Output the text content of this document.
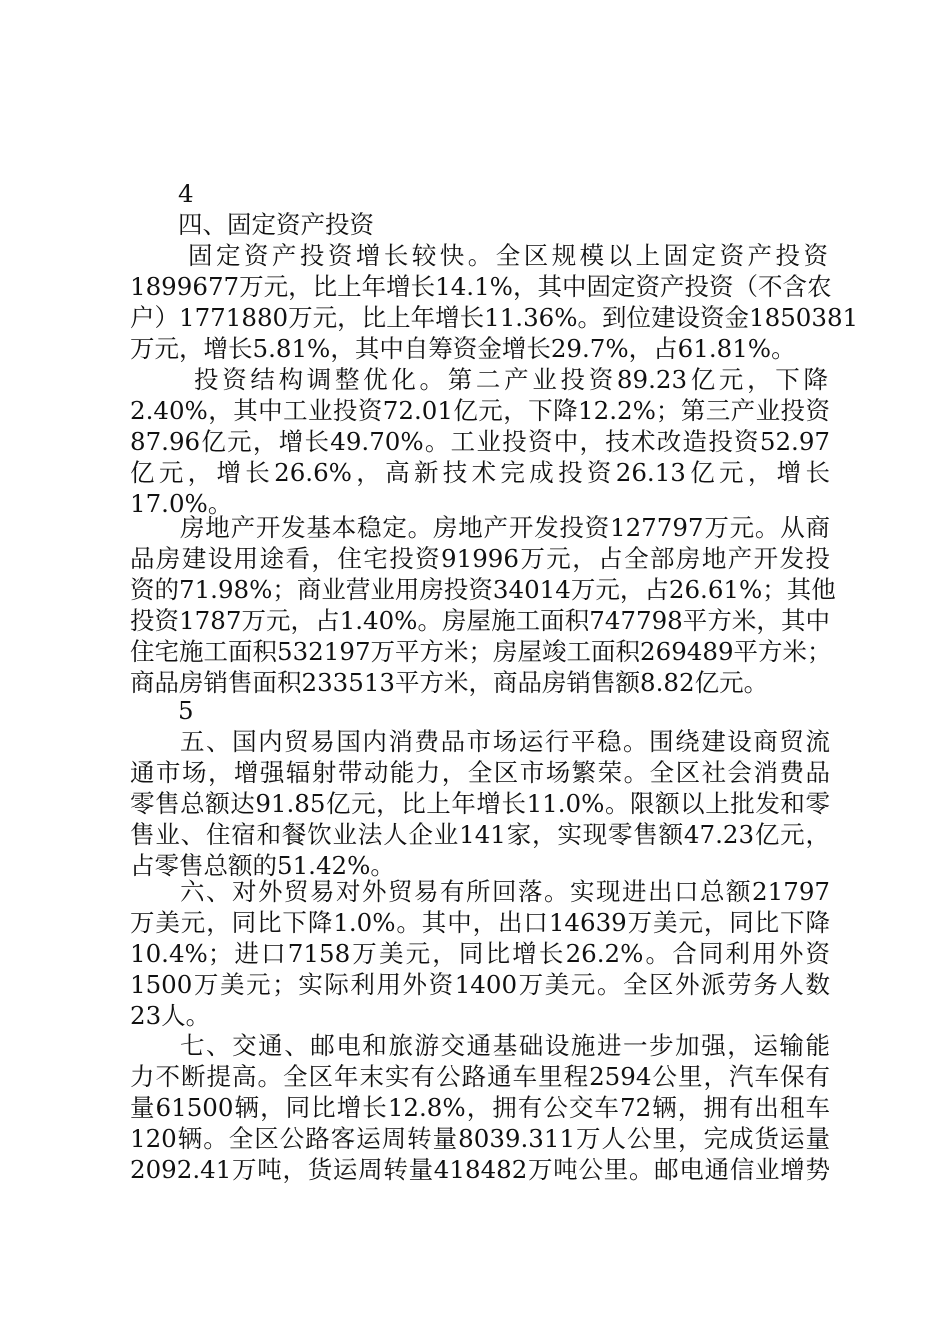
4
四、固定资产投资
固定资产投资增长较快。全区规模以上固定资产投资
1899677万元，比上年增长14.1%，其中固定资产投资（不含农
户）1771880万元，比上年增长11.36%。到位建设资金1850381
万元，增长5.81%，其中自筹资金增长29.7%，占61.81%。
投资结构调整优化。第二产业投资89.23亿元，下降
2.40%，其中工业投资72.01亿元，下降12.2%；第三产业投资
87.96亿元，增长49.70%。工业投资中，技术改造投资52.97
亿元，增长26.6%，高新技术完成投资26.13亿元，增长
17.0%。
房地产开发基本稳定。房地产开发投资127797万元。从商
品房建设用途看，住宅投资91996万元，占全部房地产开发投
资的71.98%；商业营业用房投资34014万元，占26.61%；其他
投资1787万元，占1.40%。房屋施工面积747798平方米，其中
住宅施工面积532197万平方米；房屋竣工面积269489平方米；
商品房销售面积233513平方米，商品房销售额8.82亿元。
5
五、国内贸易国内消费品市场运行平稳。围绕建设商贸流
通市场，增强辐射带动能力，全区市场繁荣。全区社会消费品
零售总额达91.85亿元，比上年增长11.0%。限额以上批发和零
售业、住宿和餐饮业法人企业141家，实现零售额47.23亿元，
占零售总额的51.42%。
六、对外贸易对外贸易有所回落。实现进出口总额21797
万美元，同比下降1.0%。其中，出口14639万美元，同比下降
10.4%；进口7158万美元，同比增长26.2%。合同利用外资
1500万美元；实际利用外资1400万美元。全区外派劳务人数
23人。
七、交通、邮电和旅游交通基础设施进一步加强，运输能
力不断提高。全区年末实有公路通车里程2594公里，汽车保有
量61500辆，同比增长12.8%，拥有公交车72辆，拥有出租车
120辆。全区公路客运周转量8039.311万人公里，完成货运量
2092.41万吨，货运周转量418482万吨公里。邮电通信业增势
